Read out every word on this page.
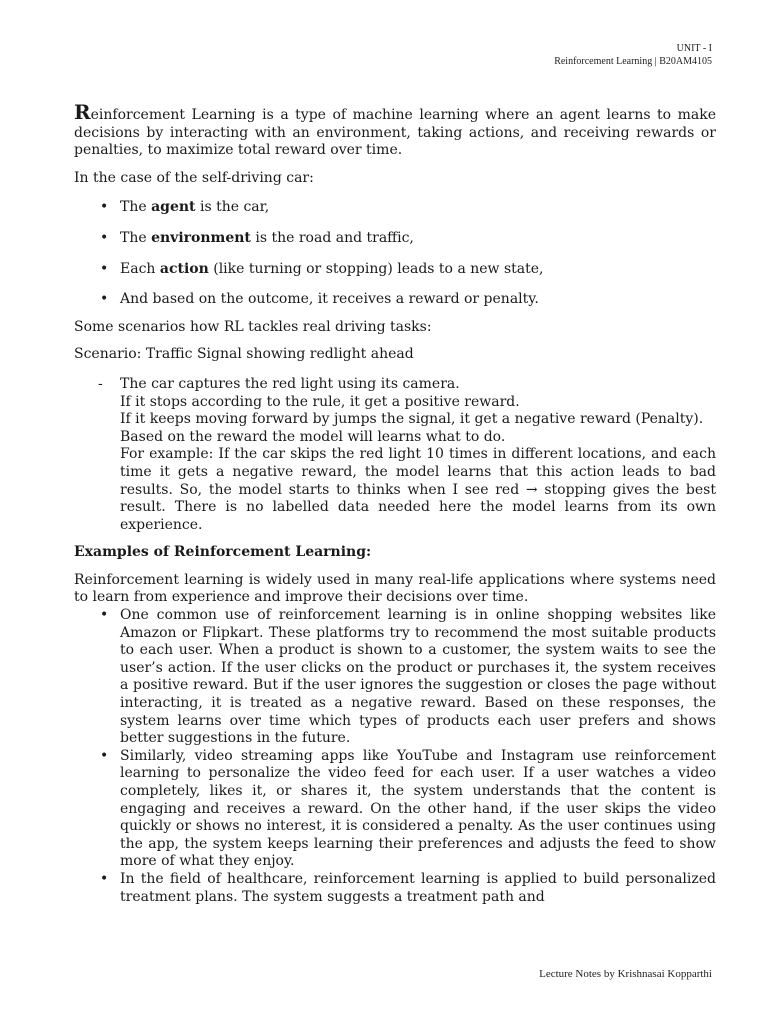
UNIT - I
Reinforcement Learning | B20AM4105

Reinforcement Learning is a type of machine learning where an agent learns to make decisions by interacting with an environment, taking actions, and receiving rewards or penalties, to maximize total reward over time.

In the case of the self-driving car:

• The agent is the car,
• The environment is the road and traffic,
• Each action (like turning or stopping) leads to a new state,
• And based on the outcome, it receives a reward or penalty.

Some scenarios how RL tackles real driving tasks:

Scenario: Traffic Signal showing redlight ahead

- The car captures the red light using its camera.

If it stops according to the rule, it get a positive reward.

If it keeps moving forward by jumps the signal, it get a negative reward (Penalty).

Based on the reward the model will learns what to do.

For example: If the car skips the red light 10 times in different locations, and each time it gets a negative reward, the model learns that this action leads to bad results. So, the model starts to thinks when I see red → stopping gives the best result. There is no labelled data needed here the model learns from its own experience.

Examples of Reinforcement Learning:

Reinforcement learning is widely used in many real-life applications where systems need to learn from experience and improve their decisions over time.

• One common use of reinforcement learning is in online shopping websites like Amazon or Flipkart. These platforms try to recommend the most suitable products to each user. When a product is shown to a customer, the system waits to see the user’s action. If the user clicks on the product or purchases it, the system receives a positive reward. But if the user ignores the suggestion or closes the page without interacting, it is treated as a negative reward. Based on these responses, the system learns over time which types of products each user prefers and shows better suggestions in the future.
• Similarly, video streaming apps like YouTube and Instagram use reinforcement learning to personalize the video feed for each user. If a user watches a video completely, likes it, or shares it, the system understands that the content is engaging and receives a reward. On the other hand, if the user skips the video quickly or shows no interest, it is considered a penalty. As the user continues using the app, the system keeps learning their preferences and adjusts the feed to show more of what they enjoy.
• In the field of healthcare, reinforcement learning is applied to build personalized treatment plans. The system suggests a treatment path and
Lecture Notes by Krishnasai Kopparthi
